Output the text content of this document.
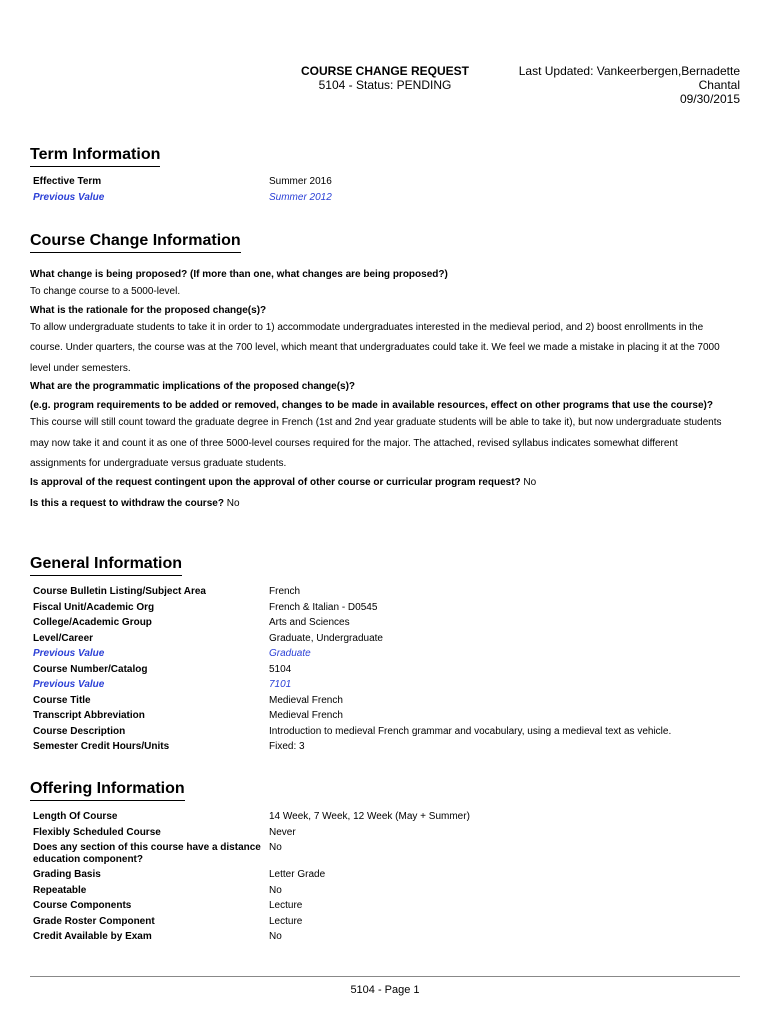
COURSE CHANGE REQUEST
5104 - Status: PENDING
Last Updated: Vankeerbergen,Bernadette
Chantal
09/30/2015
Term Information
Effective Term	Summer 2016
Previous Value	Summer 2012
Course Change Information
What change is being proposed? (If more than one, what changes are being proposed?)
To change course to a 5000-level.
What is the rationale for the proposed change(s)?
To allow undergraduate students to take it in order to 1) accommodate undergraduates interested in the medieval period, and 2) boost enrollments in the
course. Under quarters, the course was at the 700 level, which meant that undergraduates could take it. We feel we made a mistake in placing it at the 7000
level under semesters.
What are the programmatic implications of the proposed change(s)?
(e.g. program requirements to be added or removed, changes to be made in available resources, effect on other programs that use the course)?
This course will still count toward the graduate degree in French (1st and 2nd year graduate students will be able to take it), but now undergraduate students
may now take it and count it as one of three 5000-level courses required for the major. The attached, revised syllabus indicates somewhat different
assignments for undergraduate versus graduate students.
Is approval of the request contingent upon the approval of other course or curricular program request? No
Is this a request to withdraw the course? No
General Information
Course Bulletin Listing/Subject Area	French
Fiscal Unit/Academic Org	French & Italian - D0545
College/Academic Group	Arts and Sciences
Level/Career	Graduate, Undergraduate
Previous Value	Graduate
Course Number/Catalog	5104
Previous Value	7101
Course Title	Medieval French
Transcript Abbreviation	Medieval French
Course Description	Introduction to medieval French grammar and vocabulary, using a medieval text as vehicle.
Semester Credit Hours/Units	Fixed: 3
Offering Information
Length Of Course	14 Week, 7 Week, 12 Week (May + Summer)
Flexibly Scheduled Course	Never
Does any section of this course have a distance education component?
No
Grading Basis	Letter Grade
Repeatable	No
Course Components	Lecture
Grade Roster Component	Lecture
Credit Available by Exam	No
5104 - Page 1
